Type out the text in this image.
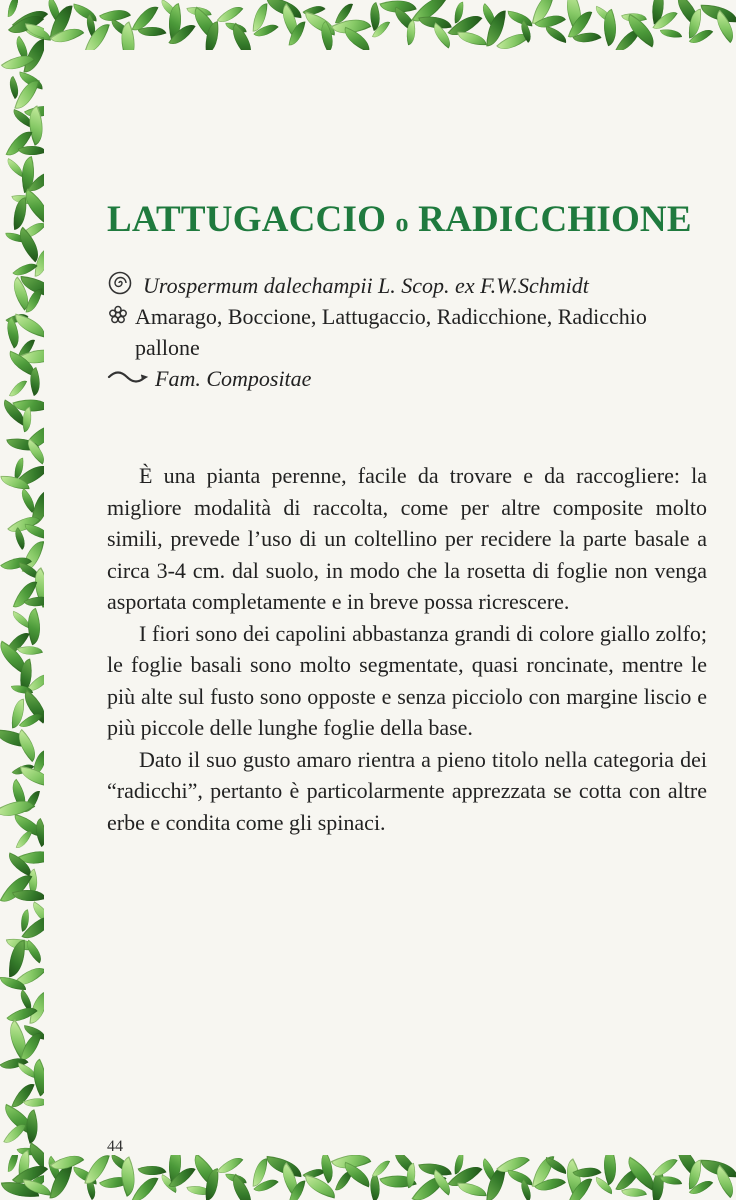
LATTUGACCIO o RADICCHIONE
Urospermum dalechampii L. Scop. ex F.W.Schmidt
Amarago, Boccione, Lattugaccio, Radicchione, Radicchio pallone
Fam. Compositae

È una pianta perenne, facile da trovare e da raccogliere: la migliore modalità di raccolta, come per altre composite molto simili, prevede l’uso di un coltellino per recidere la parte basale a circa 3-4 cm. dal suolo, in modo che la rosetta di foglie non venga asportata completamente e in breve possa ricrescere.

I fiori sono dei capolini abbastanza grandi di colore giallo zolfo; le foglie basali sono molto segmentate, quasi roncinate, mentre le più alte sul fusto sono opposte e senza picciolo con margine liscio e più piccole delle lunghe foglie della base.

Dato il suo gusto amaro rientra a pieno titolo nella categoria dei “radicchi”, pertanto è particolarmente apprezzata se cotta con altre erbe e condita come gli spinaci.

44
